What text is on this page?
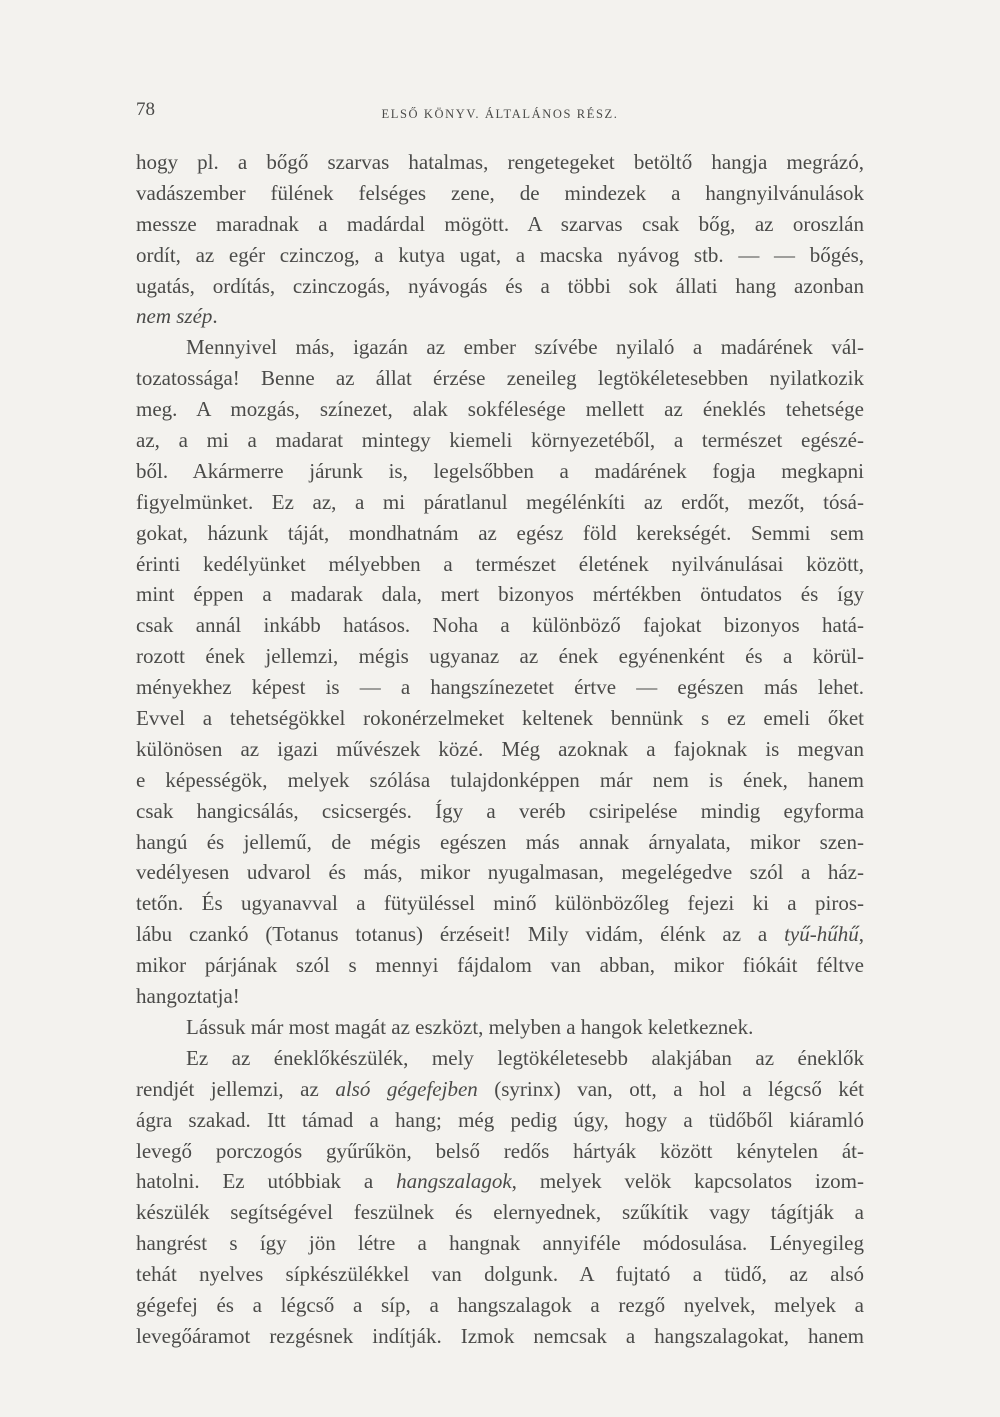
78	ELSŐ KÖNYV. ÁLTALÁNOS RÉSZ.
hogy pl. a bőgő szarvas hatalmas, rengetegeket betöltő hangja megrázó,
vadászember fülének felséges zene, de mindezek a hangnyilvánulások
messze maradnak a madárdal mögött. A szarvas csak bőg, az oroszlán
ordít, az egér czinczog, a kutya ugat, a macska nyávog stb. — — bőgés,
ugatás, ordítás, czinczogás, nyávogás és a többi sok állati hang azonban
nem szép.
Mennyivel más, igazán az ember szívébe nyilaló a madárének vál-
tozatossága! Benne az állat érzése zeneileg legtökéletesebben nyilatkozik
meg. A mozgás, színezet, alak sokfélesége mellett az éneklés tehetsége
az, a mi a madarat mintegy kiemeli környezetéből, a természet egészé-
ből. Akármerre járunk is, legelsőbben a madárének fogja megkapni
figyelmünket. Ez az, a mi páratlanul megélénkíti az erdőt, mezőt, tósá-
gokat, házunk táját, mondhatnám az egész föld kerekségét. Semmi sem
érinti kedélyünket mélyebben a természet életének nyilvánulásai között,
mint éppen a madarak dala, mert bizonyos mértékben öntudatos és így
csak annál inkább hatásos. Noha a különböző fajokat bizonyos hatá-
rozott ének jellemzi, mégis ugyanaz az ének egyénenként és a körül-
ményekhez képest is — a hangszínezetet értve — egészen más lehet.
Evvel a tehetségökkel rokonérzelmeket keltenek bennünk s ez emeli őket
különösen az igazi művészek közé. Még azoknak a fajoknak is megvan
e képességök, melyek szólása tulajdonképpen már nem is ének, hanem
csak hangicsálás, csicsergés. Így a veréb csiripelése mindig egyforma
hangú és jellemű, de mégis egészen más annak árnyalata, mikor szen-
vedélyesen udvarol és más, mikor nyugalmasan, megelégedve szól a ház-
tetőn. És ugyanavval a fütyüléssel minő különbözőleg fejezi ki a piros-
lábu czankó (Totanus totanus) érzéseit! Mily vidám, élénk az a tyű-hűhű,
mikor párjának szól s mennyi fájdalom van abban, mikor fiókáit féltve
hangoztatja!
Lássuk már most magát az eszközt, melyben a hangok keletkeznek.
Ez az éneklőkészülék, mely legtökéletesebb alakjában az éneklők
rendjét jellemzi, az alsó gégefejben (syrinx) van, ott, a hol a légcső két
ágra szakad. Itt támad a hang; még pedig úgy, hogy a tüdőből kiáramló
levegő porczogós gyűrűkön, belső redős hártyák között kénytelen át-
hatolni. Ez utóbbiak a hangszalagok, melyek velök kapcsolatos izom-
készülék segítségével feszülnek és elernyednek, szűkítik vagy tágítják a
hangrést s így jön létre a hangnak annyiféle módosulása. Lényegileg
tehát nyelves sípkészülékkel van dolgunk. A fujtató a tüdő, az alsó
gégefej és a légcső a síp, a hangszalagok a rezgő nyelvek, melyek a
levegőáramot rezgésnek indítják. Izmok nemcsak a hangszalagokat, hanem
